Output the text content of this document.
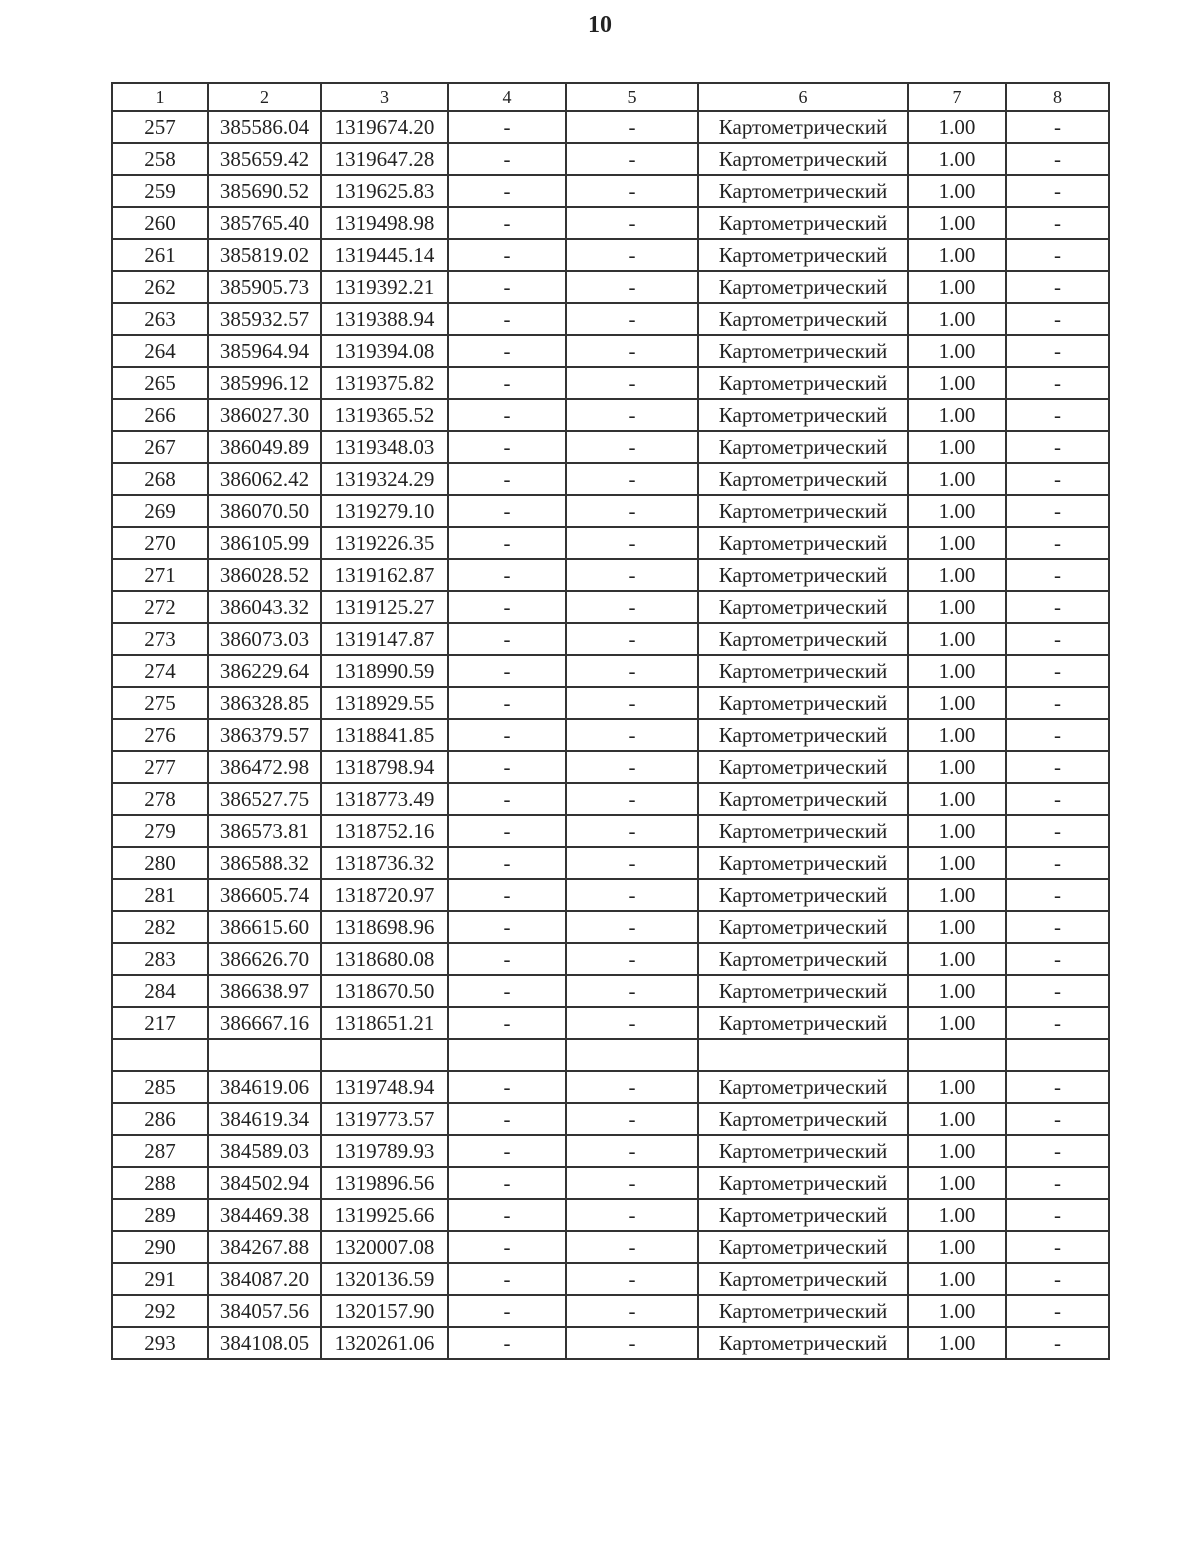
10
1	2	3	4	5	6	7	8
257	385586.04	1319674.20	-	-	Картометрический	1.00	-
258	385659.42	1319647.28	-	-	Картометрический	1.00	-
259	385690.52	1319625.83	-	-	Картометрический	1.00	-
260	385765.40	1319498.98	-	-	Картометрический	1.00	-
261	385819.02	1319445.14	-	-	Картометрический	1.00	-
262	385905.73	1319392.21	-	-	Картометрический	1.00	-
263	385932.57	1319388.94	-	-	Картометрический	1.00	-
264	385964.94	1319394.08	-	-	Картометрический	1.00	-
265	385996.12	1319375.82	-	-	Картометрический	1.00	-
266	386027.30	1319365.52	-	-	Картометрический	1.00	-
267	386049.89	1319348.03	-	-	Картометрический	1.00	-
268	386062.42	1319324.29	-	-	Картометрический	1.00	-
269	386070.50	1319279.10	-	-	Картометрический	1.00	-
270	386105.99	1319226.35	-	-	Картометрический	1.00	-
271	386028.52	1319162.87	-	-	Картометрический	1.00	-
272	386043.32	1319125.27	-	-	Картометрический	1.00	-
273	386073.03	1319147.87	-	-	Картометрический	1.00	-
274	386229.64	1318990.59	-	-	Картометрический	1.00	-
275	386328.85	1318929.55	-	-	Картометрический	1.00	-
276	386379.57	1318841.85	-	-	Картометрический	1.00	-
277	386472.98	1318798.94	-	-	Картометрический	1.00	-
278	386527.75	1318773.49	-	-	Картометрический	1.00	-
279	386573.81	1318752.16	-	-	Картометрический	1.00	-
280	386588.32	1318736.32	-	-	Картометрический	1.00	-
281	386605.74	1318720.97	-	-	Картометрический	1.00	-
282	386615.60	1318698.96	-	-	Картометрический	1.00	-
283	386626.70	1318680.08	-	-	Картометрический	1.00	-
284	386638.97	1318670.50	-	-	Картометрический	1.00	-
217	386667.16	1318651.21	-	-	Картометрический	1.00	-

285	384619.06	1319748.94	-	-	Картометрический	1.00	-
286	384619.34	1319773.57	-	-	Картометрический	1.00	-
287	384589.03	1319789.93	-	-	Картометрический	1.00	-
288	384502.94	1319896.56	-	-	Картометрический	1.00	-
289	384469.38	1319925.66	-	-	Картометрический	1.00	-
290	384267.88	1320007.08	-	-	Картометрический	1.00	-
291	384087.20	1320136.59	-	-	Картометрический	1.00	-
292	384057.56	1320157.90	-	-	Картометрический	1.00	-
293	384108.05	1320261.06	-	-	Картометрический	1.00	-
